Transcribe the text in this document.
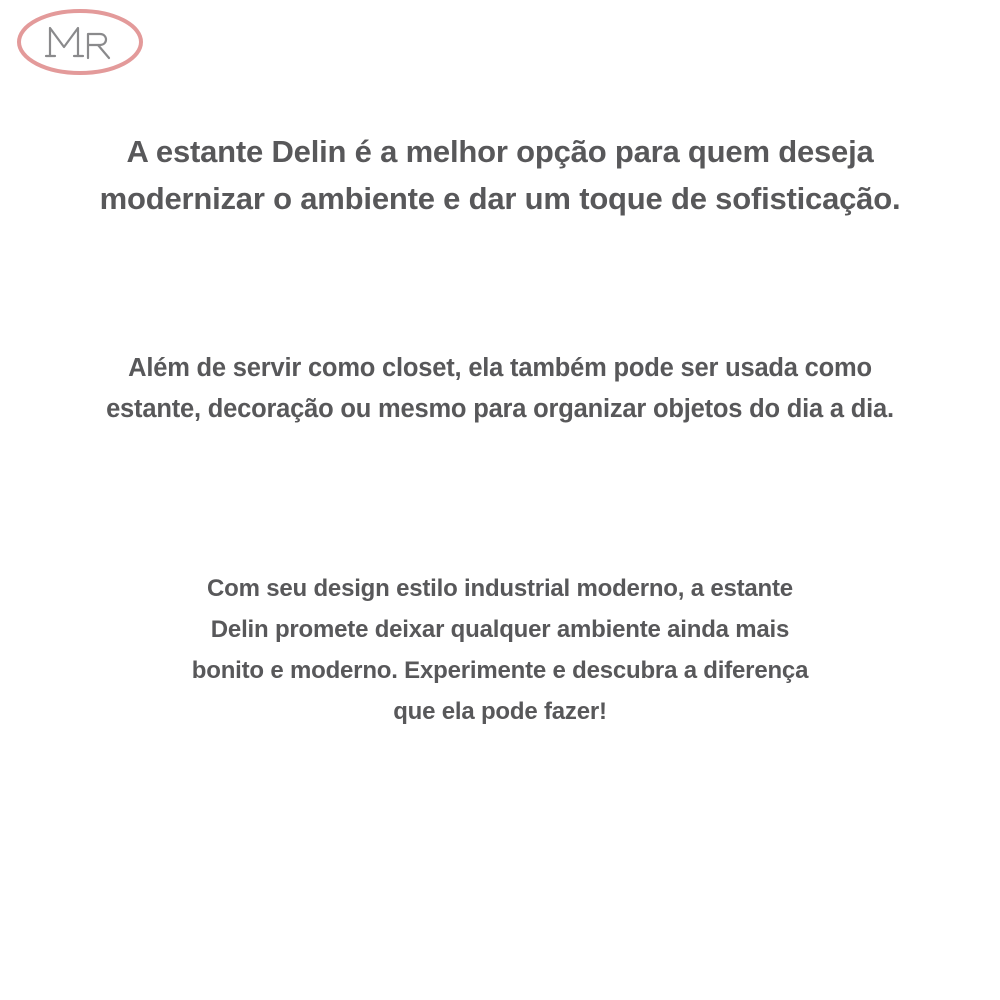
A estante Delin é a melhor opção para quem deseja
modernizar o ambiente e dar um toque de sofisticação.
Além de servir como closet, ela também pode ser usada como
estante, decoração ou mesmo para organizar objetos do dia a dia.
Com seu design estilo industrial moderno, a estante
Delin promete deixar qualquer ambiente ainda mais
bonito e moderno. Experimente e descubra a diferença
que ela pode fazer!
